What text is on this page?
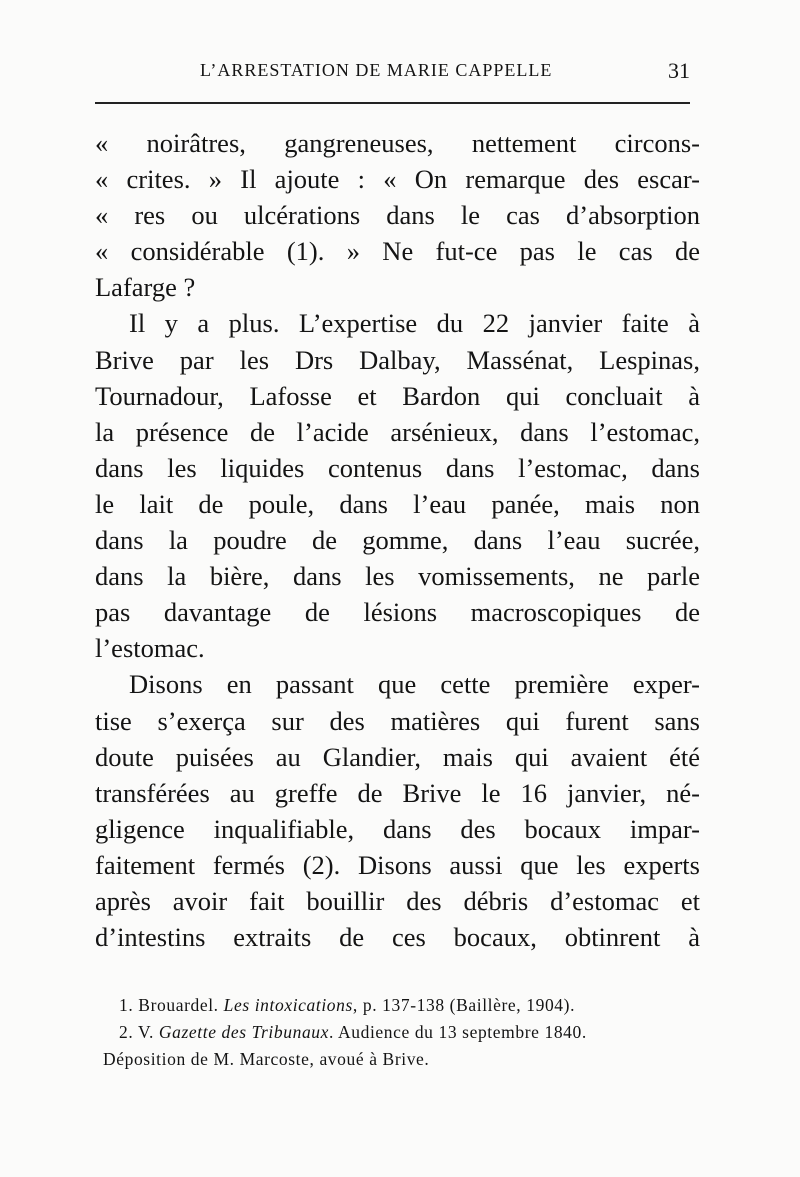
L’ARRESTATION DE MARIE CAPPELLE	31
« noirâtres, gangreneuses, nettement circons-
« crites. » Il ajoute : « On remarque des escar-
« res ou ulcérations dans le cas d’absorption
« considérable (1). » Ne fut-ce pas le cas de
Lafarge ?
Il y a plus. L’expertise du 22 janvier faite à
Brive par les Drs Dalbay, Massénat, Lespinas,
Tournadour, Lafosse et Bardon qui concluait à
la présence de l’acide arsénieux, dans l’estomac,
dans les liquides contenus dans l’estomac, dans
le lait de poule, dans l’eau panée, mais non
dans la poudre de gomme, dans l’eau sucrée,
dans la bière, dans les vomissements, ne parle
pas davantage de lésions macroscopiques de
l’estomac.
Disons en passant que cette première exper-
tise s’exerça sur des matières qui furent sans
doute puisées au Glandier, mais qui avaient été
transférées au greffe de Brive le 16 janvier, né-
gligence inqualifiable, dans des bocaux impar-
faitement fermés (2). Disons aussi que les experts
après avoir fait bouillir des débris d’estomac et
d’intestins extraits de ces bocaux, obtinrent à
1. Brouardel. Les intoxications, p. 137-138 (Baillère, 1904).
2. V. Gazette des Tribunaux. Audience du 13 septembre 1840.
Déposition de M. Marcoste, avoué à Brive.
